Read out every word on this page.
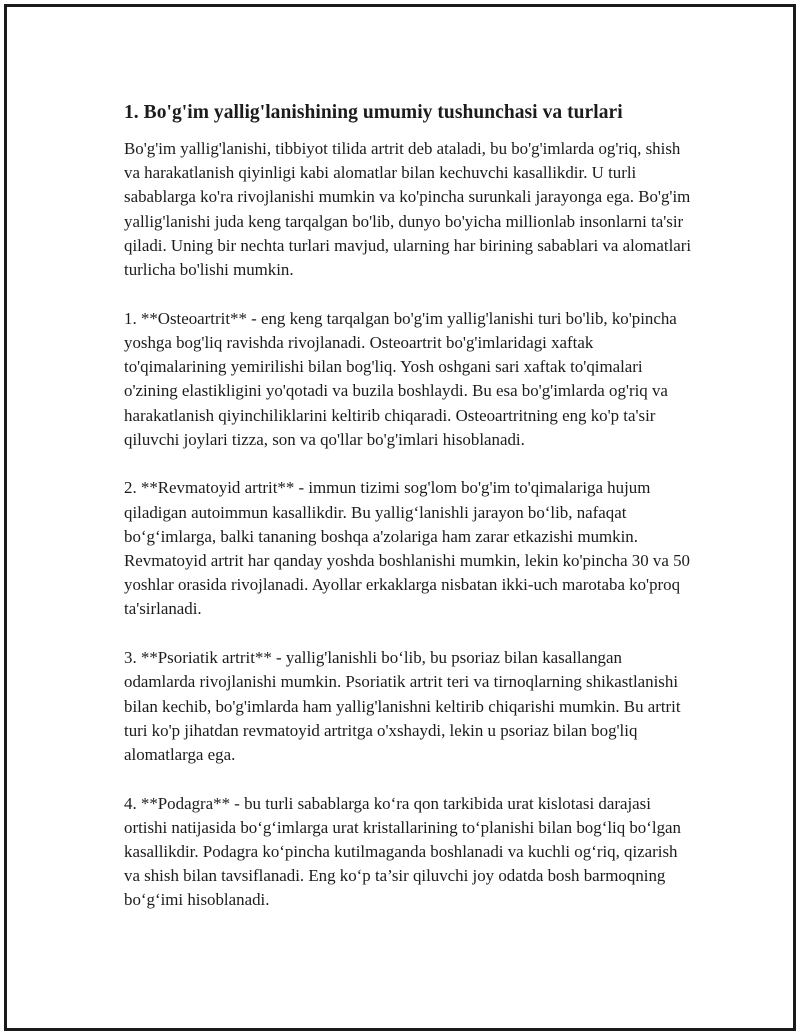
1. Bo'g'im yallig'lanishining umumiy tushunchasi va turlari

Bo'g'im yallig'lanishi, tibbiyot tilida artrit deb ataladi, bu bo'g'imlarda og'riq, shish va harakatlanish qiyinligi kabi alomatlar bilan kechuvchi kasallikdir. U turli sabablarga ko'ra rivojlanishi mumkin va ko'pincha surunkali jarayonga ega. Bo'g'im yallig'lanishi juda keng tarqalgan bo'lib, dunyo bo'yicha millionlab insonlarni ta'sir qiladi. Uning bir nechta turlari mavjud, ularning har birining sabablari va alomatlari turlicha bo'lishi mumkin.

1. **Osteoartrit** - eng keng tarqalgan bo'g'im yallig'lanishi turi bo'lib, ko'pincha yoshga bog'liq ravishda rivojlanadi. Osteoartrit bo'g'imlaridagi xaftak to'qimalarining yemirilishi bilan bog'liq. Yosh oshgani sari xaftak to'qimalari o'zining elastikligini yo'qotadi va buzila boshlaydi. Bu esa bo'g'imlarda og'riq va harakatlanish qiyinchiliklarini keltirib chiqaradi. Osteoartritning eng ko'p ta'sir qiluvchi joylari tizza, son va qo'llar bo'g'imlari hisoblanadi.

2. **Revmatoyid artrit** - immun tizimi sog'lom bo'g'im to'qimalariga hujum qiladigan autoimmun kasallikdir. Bu yallig‘lanishli jarayon bo‘lib, nafaqat bo‘g‘imlarga, balki tananing boshqa a'zolariga ham zarar etkazishi mumkin. Revmatoyid artrit har qanday yoshda boshlanishi mumkin, lekin ko'pincha 30 va 50 yoshlar orasida rivojlanadi. Ayollar erkaklarga nisbatan ikki-uch marotaba ko'proq ta'sirlanadi.

3. **Psoriatik artrit** - yallig'lanishli bo‘lib, bu psoriaz bilan kasallangan odamlarda rivojlanishi mumkin. Psoriatik artrit teri va tirnoqlarning shikastlanishi bilan kechib, bo'g'imlarda ham yallig'lanishni keltirib chiqarishi mumkin. Bu artrit turi ko'p jihatdan revmatoyid artritga o'xshaydi, lekin u psoriaz bilan bog'liq alomatlarga ega.

4. **Podagra** - bu turli sabablarga ko‘ra qon tarkibida urat kislotasi darajasi ortishi natijasida bo‘g‘imlarga urat kristallarining to‘planishi bilan bog‘liq bo‘lgan kasallikdir. Podagra ko‘pincha kutilmaganda boshlanadi va kuchli og‘riq, qizarish va shish bilan tavsiflanadi. Eng ko‘p ta’sir qiluvchi joy odatda bosh barmoqning bo‘g‘imi hisoblanadi.
